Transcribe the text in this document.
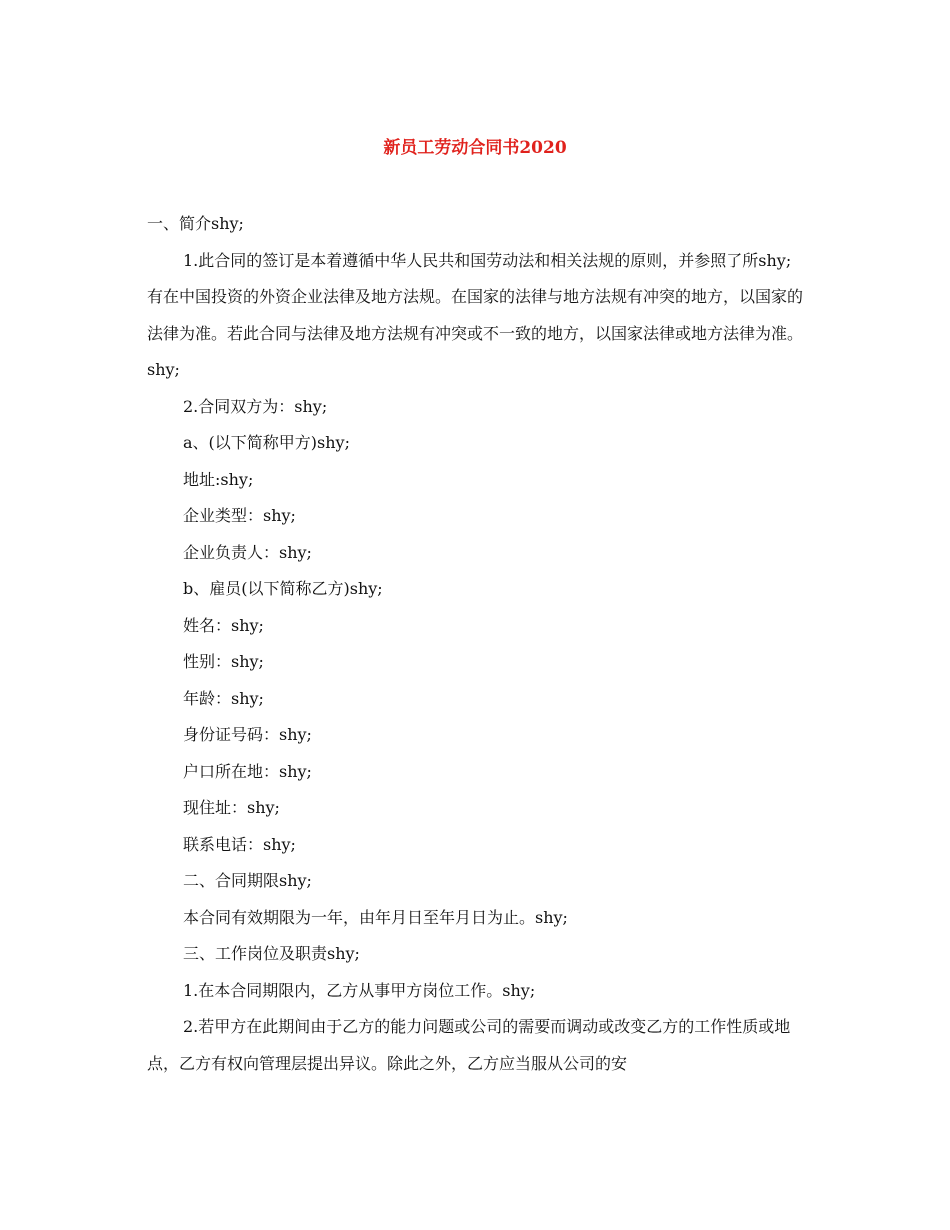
新员工劳动合同书2020
一、简介shy;
1.此合同的签订是本着遵循中华人民共和国劳动法和相关法规的原则，并参照了所shy;有在中国投资的外资企业法律及地方法规。在国家的法律与地方法规有冲突的地方，以国家的法律为准。若此合同与法律及地方法规有冲突或不一致的地方，以国家法律或地方法律为准。shy;
2.合同双方为：shy;
a、(以下简称甲方)shy;
地址:shy;
企业类型：shy;
企业负责人：shy;
b、雇员(以下简称乙方)shy;
姓名：shy;
性别：shy;
年龄：shy;
身份证号码：shy;
户口所在地：shy;
现住址：shy;
联系电话：shy;
二、合同期限shy;
本合同有效期限为一年，由年月日至年月日为止。shy;
三、工作岗位及职责shy;
1.在本合同期限内，乙方从事甲方岗位工作。shy;
2.若甲方在此期间由于乙方的能力问题或公司的需要而调动或改变乙方的工作性质或地点，乙方有权向管理层提出异议。除此之外，乙方应当服从公司的安
